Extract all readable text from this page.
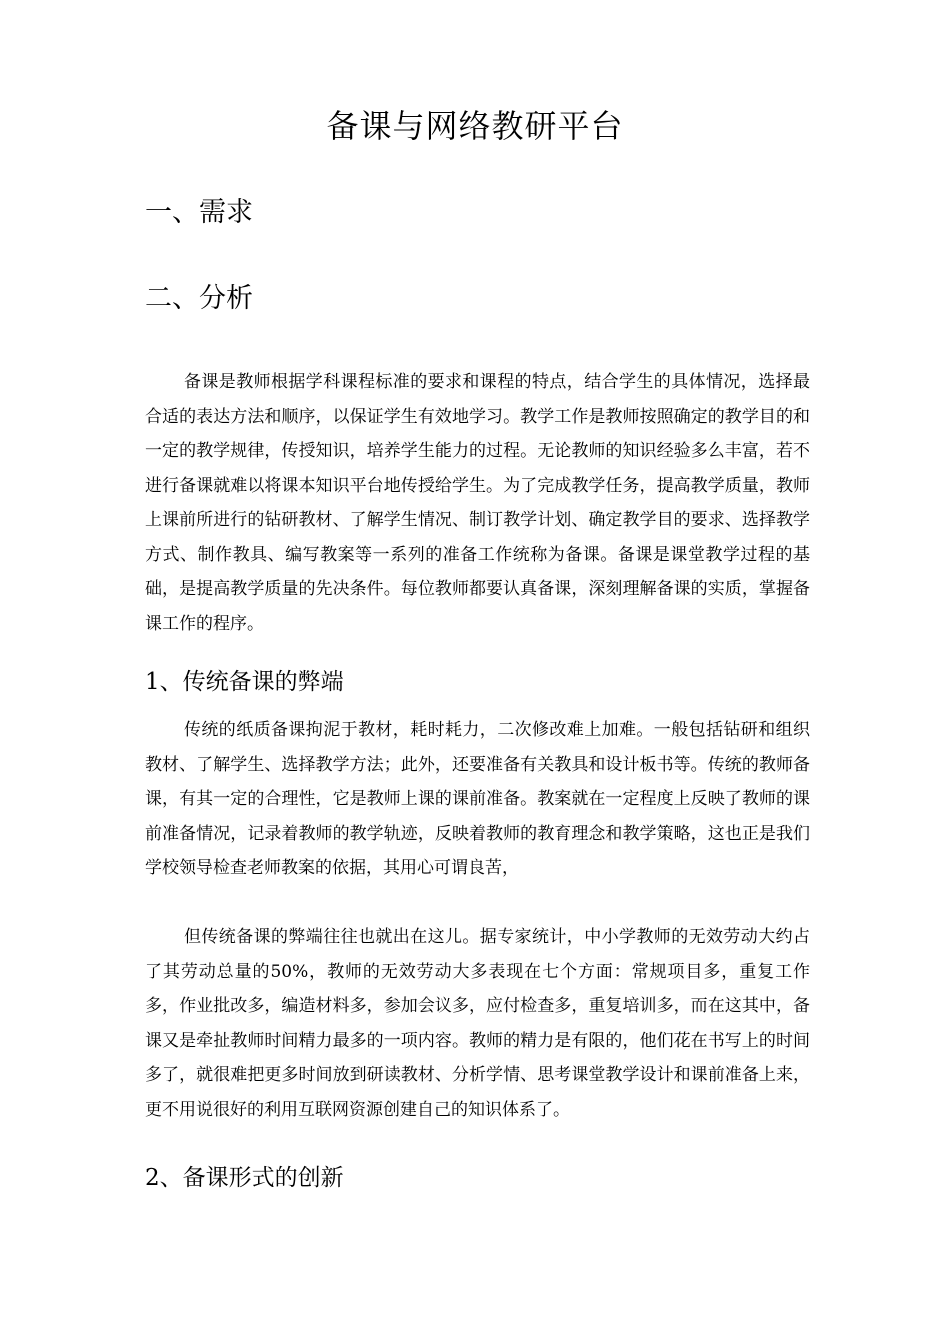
备课与网络教研平台
一、需求
二、分析

备课是教师根据学科课程标准的要求和课程的特点，结合学生的具体情况，选择最合适的表达方法和顺序，以保证学生有效地学习。教学工作是教师按照确定的教学目的和一定的教学规律，传授知识，培养学生能力的过程。无论教师的知识经验多么丰富，若不进行备课就难以将课本知识平台地传授给学生。为了完成教学任务，提高教学质量，教师上课前所进行的钻研教材、了解学生情况、制订教学计划、确定教学目的要求、选择教学方式、制作教具、编写教案等一系列的准备工作统称为备课。备课是课堂教学过程的基础，是提高教学质量的先决条件。每位教师都要认真备课，深刻理解备课的实质，掌握备课工作的程序。

1、传统备课的弊端

传统的纸质备课拘泥于教材，耗时耗力，二次修改难上加难。一般包括钻研和组织教材、了解学生、选择教学方法；此外，还要准备有关教具和设计板书等。传统的教师备课，有其一定的合理性，它是教师上课的课前准备。教案就在一定程度上反映了教师的课前准备情况，记录着教师的教学轨迹，反映着教师的教育理念和教学策略，这也正是我们学校领导检查老师教案的依据，其用心可谓良苦，

但传统备课的弊端往往也就出在这儿。据专家统计，中小学教师的无效劳动大约占了其劳动总量的50%，教师的无效劳动大多表现在七个方面：常规项目多，重复工作多，作业批改多，编造材料多，参加会议多，应付检查多，重复培训多，而在这其中，备课又是牵扯教师时间精力最多的一项内容。教师的精力是有限的，他们花在书写上的时间多了，就很难把更多时间放到研读教材、分析学情、思考课堂教学设计和课前准备上来，更不用说很好的利用互联网资源创建自己的知识体系了。

2、备课形式的创新
